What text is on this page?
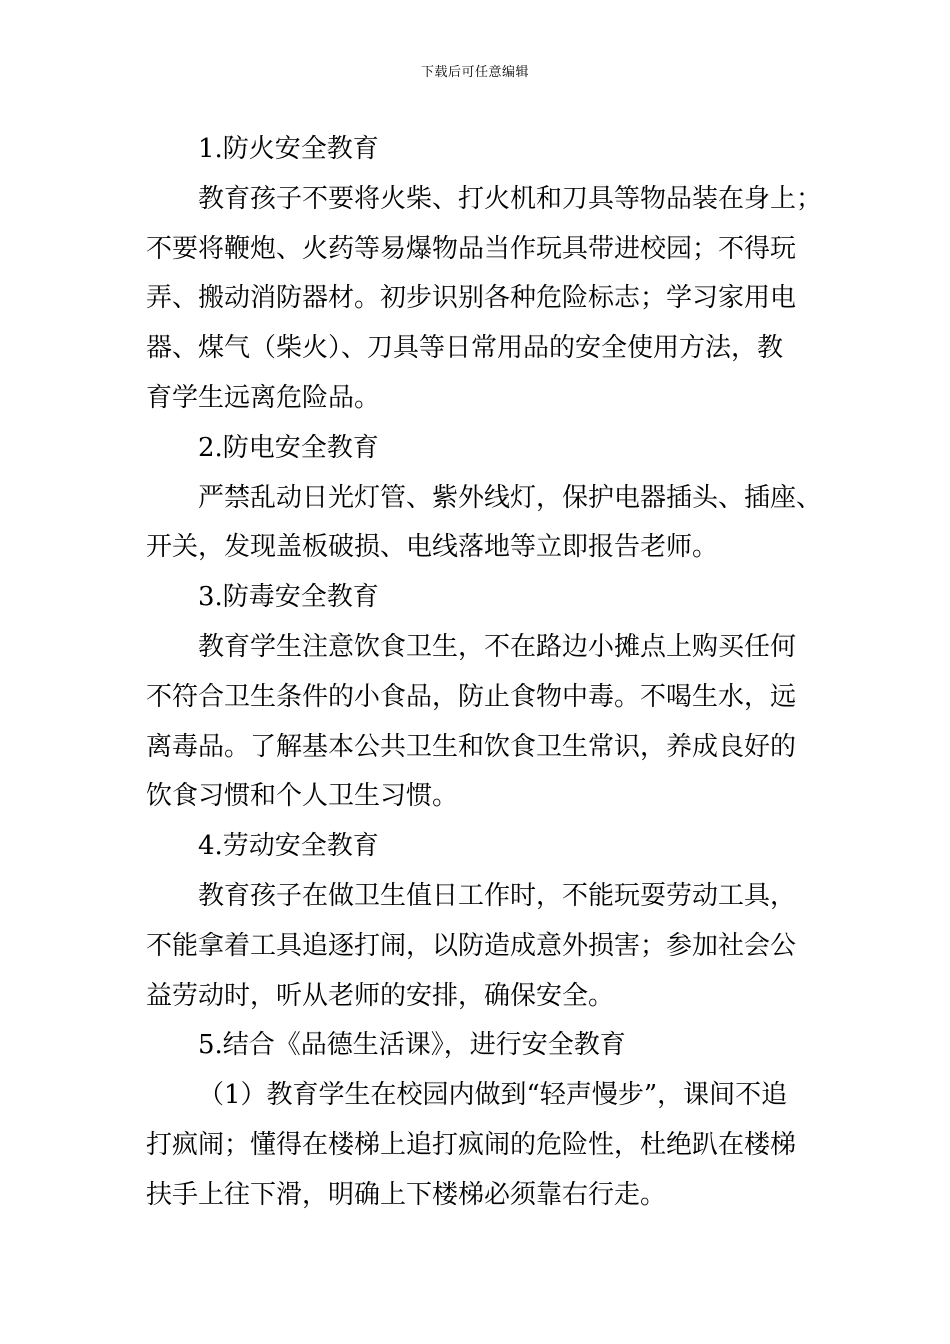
下载后可任意编辑
1.防火安全教育
教育孩子不要将火柴、打火机和刀具等物品装在身上；
不要将鞭炮、火药等易爆物品当作玩具带进校园；不得玩
弄、搬动消防器材。初步识别各种危险标志；学习家用电
器、煤气（柴火）、刀具等日常用品的安全使用方法，教
育学生远离危险品。
2.防电安全教育
严禁乱动日光灯管、紫外线灯，保护电器插头、插座、
开关，发现盖板破损、电线落地等立即报告老师。
3.防毒安全教育
教育学生注意饮食卫生，不在路边小摊点上购买任何
不符合卫生条件的小食品，防止食物中毒。不喝生水，远
离毒品。了解基本公共卫生和饮食卫生常识，养成良好的
饮食习惯和个人卫生习惯。
4.劳动安全教育
教育孩子在做卫生值日工作时，不能玩耍劳动工具，
不能拿着工具追逐打闹，以防造成意外损害；参加社会公
益劳动时，听从老师的安排，确保安全。
5.结合《品德生活课》，进行安全教育
（1）教育学生在校园内做到“轻声慢步”，课间不追
打疯闹；懂得在楼梯上追打疯闹的危险性，杜绝趴在楼梯
扶手上往下滑，明确上下楼梯必须靠右行走。
